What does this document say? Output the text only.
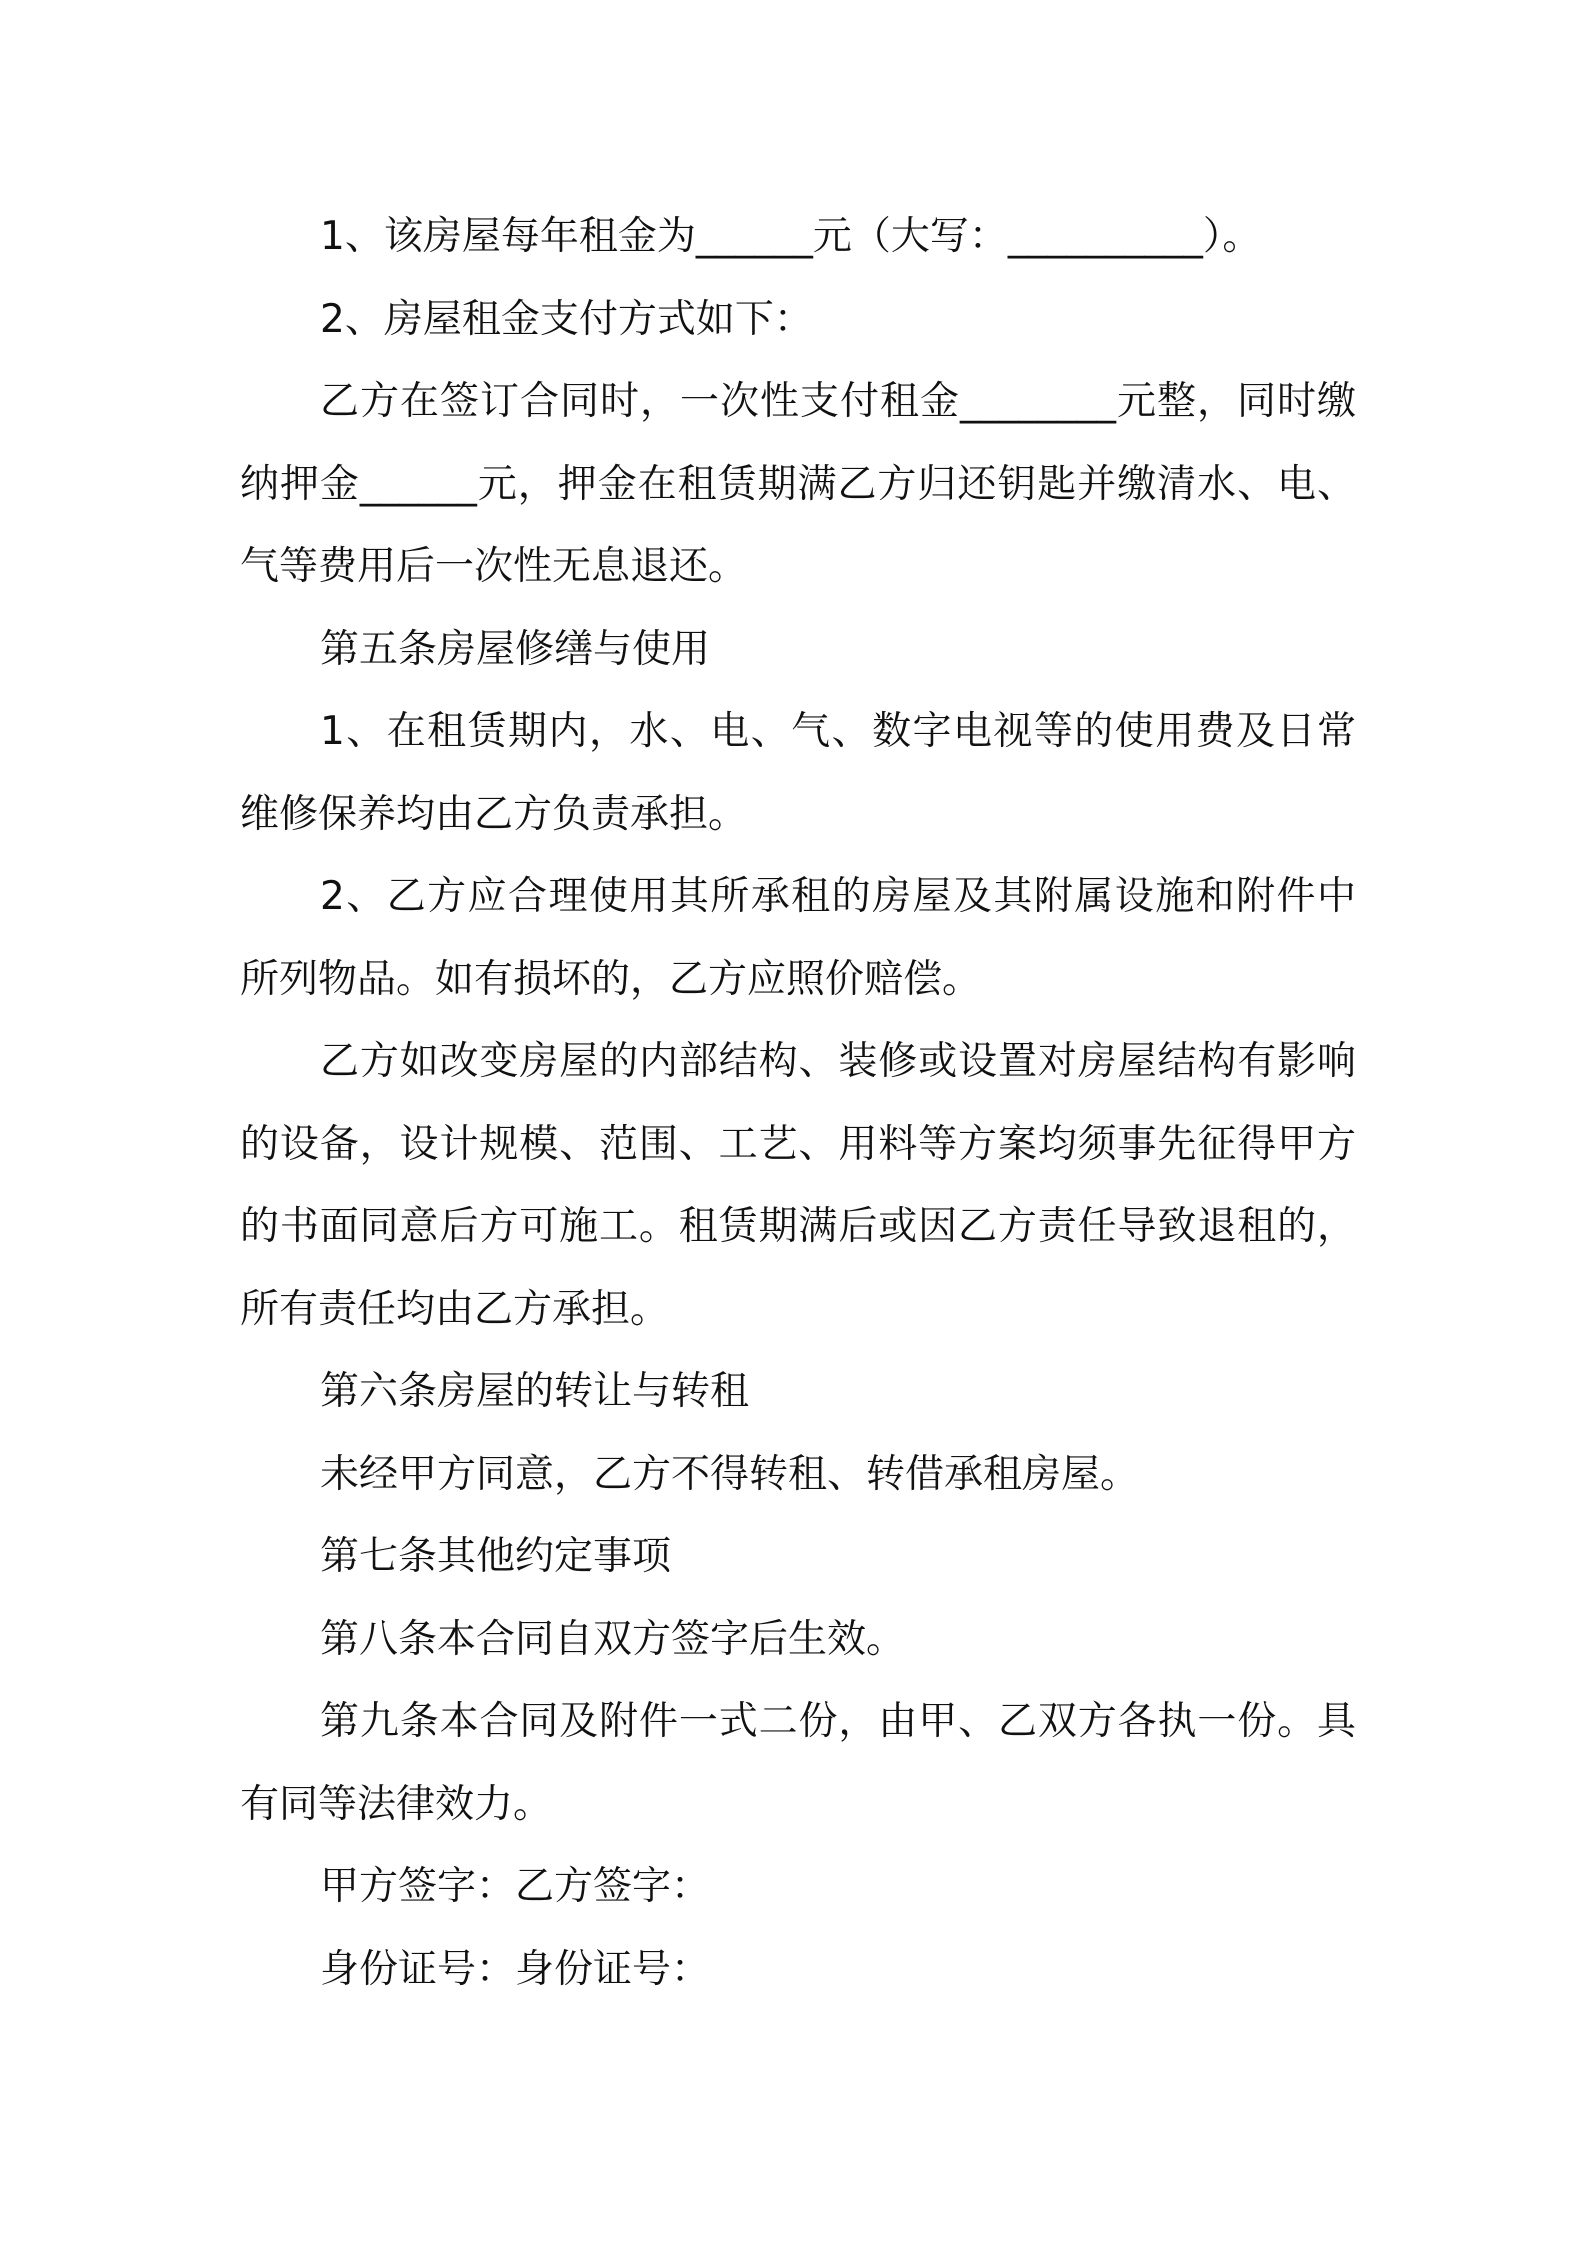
1、该房屋每年租金为______元（大写：__________）。

2、房屋租金支付方式如下：

乙方在签订合同时，一次性支付租金________元整，同时缴纳押金______元，押金在租赁期满乙方归还钥匙并缴清水、电、气等费用后一次性无息退还。

第五条房屋修缮与使用

1、在租赁期内，水、电、气、数字电视等的使用费及日常维修保养均由乙方负责承担。

2、乙方应合理使用其所承租的房屋及其附属设施和附件中所列物品。如有损坏的，乙方应照价赔偿。

乙方如改变房屋的内部结构、装修或设置对房屋结构有影响的设备，设计规模、范围、工艺、用料等方案均须事先征得甲方的书面同意后方可施工。租赁期满后或因乙方责任导致退租的，所有责任均由乙方承担。

第六条房屋的转让与转租

未经甲方同意，乙方不得转租、转借承租房屋。

第七条其他约定事项

第八条本合同自双方签字后生效。

第九条本合同及附件一式二份，由甲、乙双方各执一份。具有同等法律效力。

甲方签字：乙方签字：

身份证号：身份证号：
